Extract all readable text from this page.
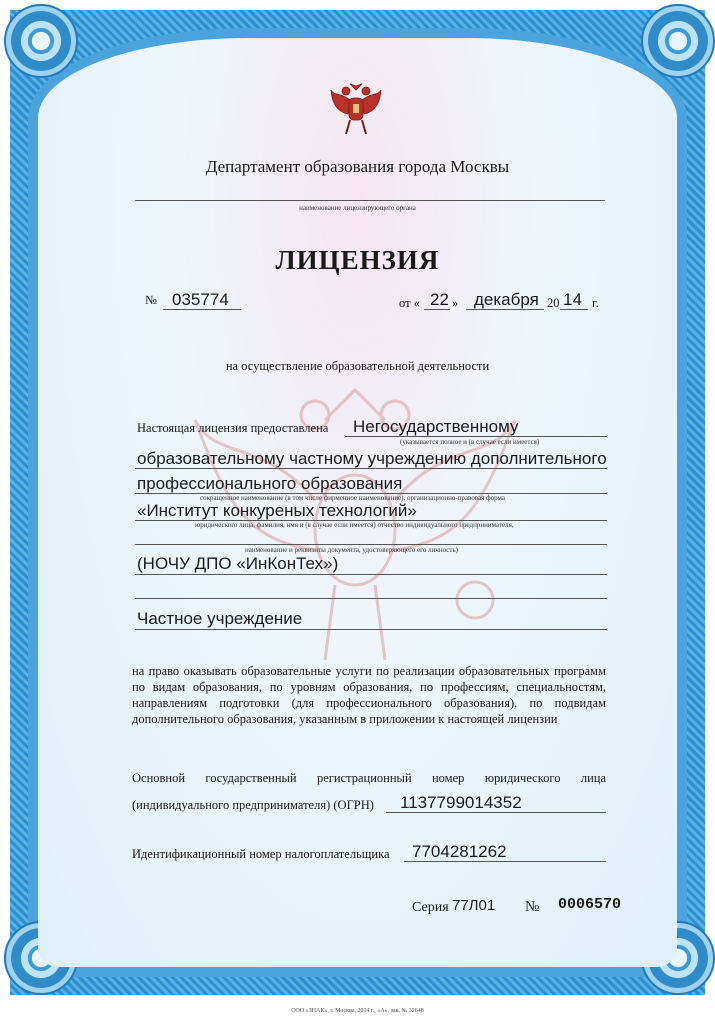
Департамент образования города Москвы
наименование лицензирующего органа
ЛИЦЕНЗИЯ
№ 035774	от « 22 » декабря 20 14 г.
на осуществление образовательной деятельности
Настоящая лицензия предоставлена Негосударственному
(указывается полное и (в случае если имеется)
образовательному частному учреждению дополнительного
профессионального образования
сокращенное наименование (в том числе фирменное наименование), организационно-правовая форма
«Институт конкуреных технологий»
юридического лица, фамилия, имя и (в случае если имеется) отчество индивидуального предпринимателя,
наименование и реквизиты документа, удостоверяющего его личность)
(НОЧУ ДПО «ИнКонТех»)
Частное учреждение
на право оказывать образовательные услуги по реализации образовательных программ по видам образования, по уровням образования, по профессиям, специальностям, направлениям подготовки (для профессионального образования), по подвидам дополнительного образования, указанным в приложении к настоящей лицензии
Основной государственный регистрационный номер юридического лица
(индивидуального предпринимателя) (ОГРН) 1137799014352
Идентификационный номер налогоплательщика 7704281262
Серия 77Л01 № 0006570
ООО «ЗНАК», г. Москва, 2014 г., «А», зак. № 32648
